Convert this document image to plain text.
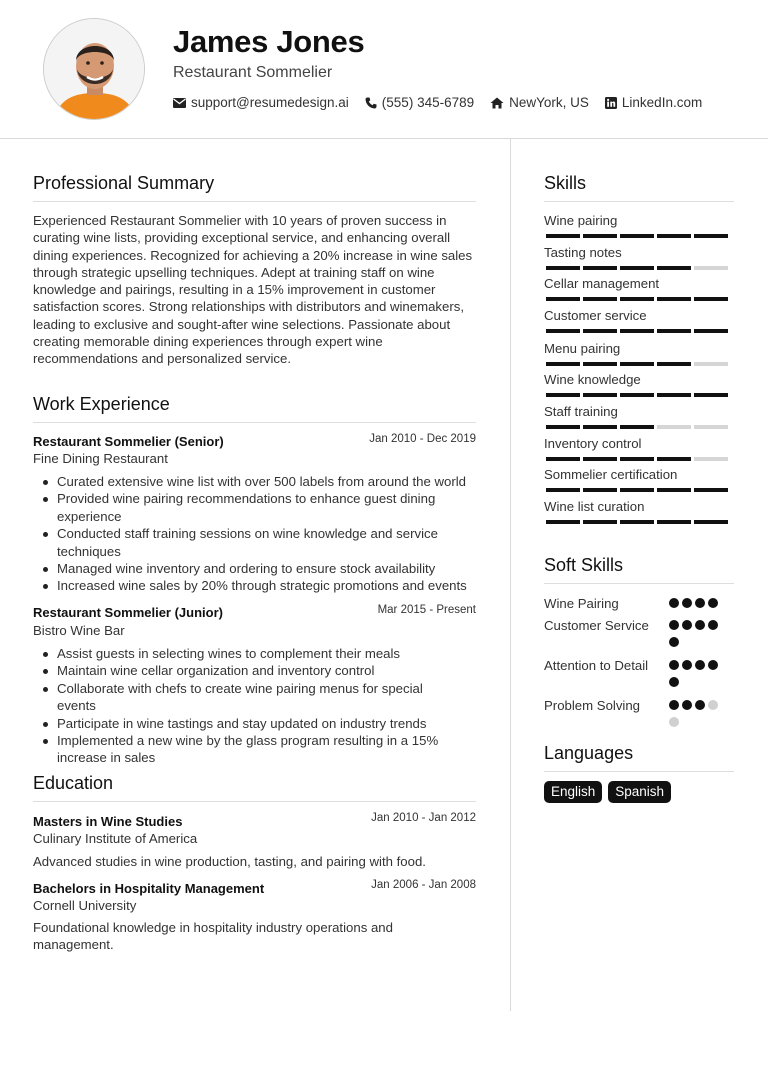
James Jones
Restaurant Sommelier
support@resumedesign.ai (555) 345-6789	NewYork, US LinkedIn.com
Professional Summary
Experienced Restaurant Sommelier with 10 years of proven success in
curating wine lists, providing exceptional service, and enhancing overall
dining experiences. Recognized for achieving a 20% increase in wine sales
through strategic upselling techniques. Adept at training staff on wine
knowledge and pairings, resulting in a 15% improvement in customer
satisfaction scores. Strong relationships with distributors and winemakers,
leading to exclusive and sought-after wine selections. Passionate about
creating memorable dining experiences through expert wine
recommendations and personalized service.
Work Experience
Restaurant Sommelier (Senior)	Jan 2010 - Dec 2019
Fine Dining Restaurant
Curated extensive wine list with over 500 labels from around the world
Provided wine pairing recommendations to enhance guest dining experience
Conducted staff training sessions on wine knowledge and service techniques
Managed wine inventory and ordering to ensure stock availability
Increased wine sales by 20% through strategic promotions and events
Restaurant Sommelier (Junior)	Mar 2015 - Present
Bistro Wine Bar
Assist guests in selecting wines to complement their meals
Maintain wine cellar organization and inventory control
Collaborate with chefs to create wine pairing menus for special events
Participate in wine tastings and stay updated on industry trends
Implemented a new wine by the glass program resulting in a 15% increase in sales
Education
Masters in Wine Studies	Jan 2010 - Jan 2012
Culinary Institute of America
Advanced studies in wine production, tasting, and pairing with food.
Bachelors in Hospitality Management	Jan 2006 - Jan 2008
Cornell University
Foundational knowledge in hospitality industry operations and
management.
Skills
Wine pairing
Tasting notes
Cellar management
Customer service
Menu pairing
Wine knowledge
Staff training
Inventory control
Sommelier certification
Wine list curation
Soft Skills
Wine Pairing
Customer Service
Attention to Detail
Problem Solving
Languages
English	Spanish
